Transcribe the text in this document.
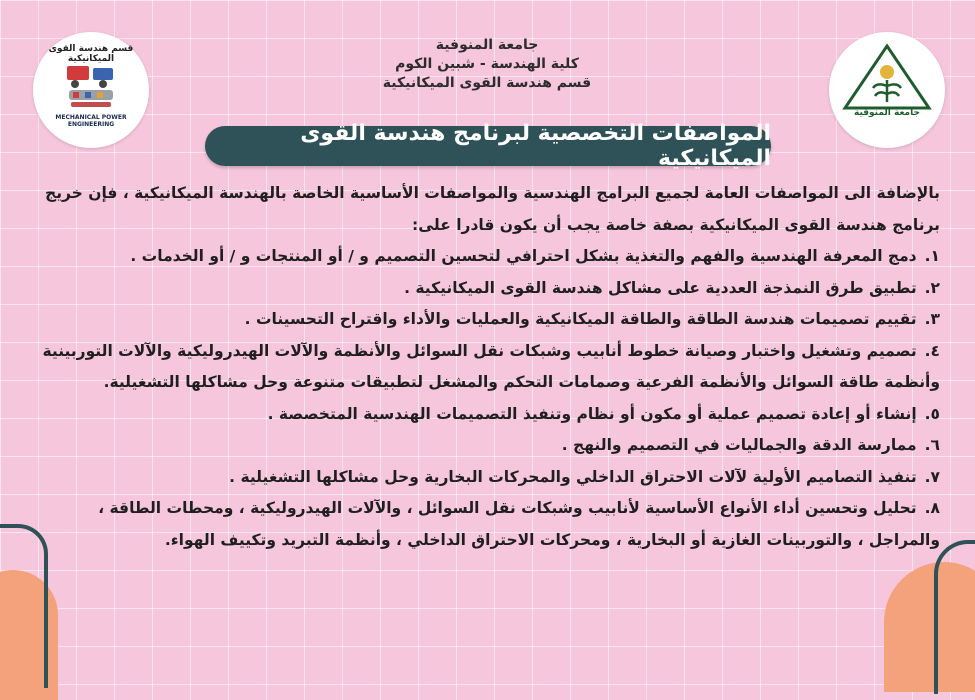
قسم هندسة القوى الميكانيكية
MECHANICAL POWER ENGINEERING
جامعة المنوفية
جامعة المنوفية
كلية الهندسة - شبين الكوم
قسم هندسة القوى الميكانيكية
المواصفات التخصصية لبرنامج هندسة القوى الميكانيكية

بالإضافة الى المواصفات العامة لجميع البرامج الهندسية والمواصفات الأساسية الخاصة بالهندسة الميكانيكية ، فإن خريج برنامج هندسة القوى الميكانيكية بصفة خاصة يجب أن يكون قادرا على:

١.دمج المعرفة الهندسية والفهم والتغذية بشكل احترافي لتحسين التصميم و / أو المنتجات و / أو الخدمات .
٢.تطبيق طرق النمذجة العددية على مشاكل هندسة القوى الميكانيكية .
٣.تقييم تصميمات هندسة الطاقة والطاقة الميكانيكية والعمليات والأداء واقتراح التحسينات .
٤.تصميم وتشغيل واختبار وصيانة خطوط أنابيب وشبكات نقل السوائل والأنظمة والآلات الهيدروليكية والآلات التوربينية وأنظمة طاقة السوائل والأنظمة الفرعية وصمامات التحكم والمشغل لتطبيقات متنوعة وحل مشاكلها التشغيلية.
٥.إنشاء أو إعادة تصميم عملية أو مكون أو نظام وتنفيذ التصميمات الهندسية المتخصصة .
٦.ممارسة الدقة والجماليات في التصميم والنهج .
٧.تنفيذ التصاميم الأولية لآلات الاحتراق الداخلي والمحركات البخارية وحل مشاكلها التشغيلية .
٨.تحليل وتحسين أداء الأنواع الأساسية لأنابيب وشبكات نقل السوائل ، والآلات الهيدروليكية ، ومحطات الطاقة ، والمراجل ، والتوربينات الغازية أو البخارية ، ومحركات الاحتراق الداخلي ، وأنظمة التبريد وتكييف الهواء.
